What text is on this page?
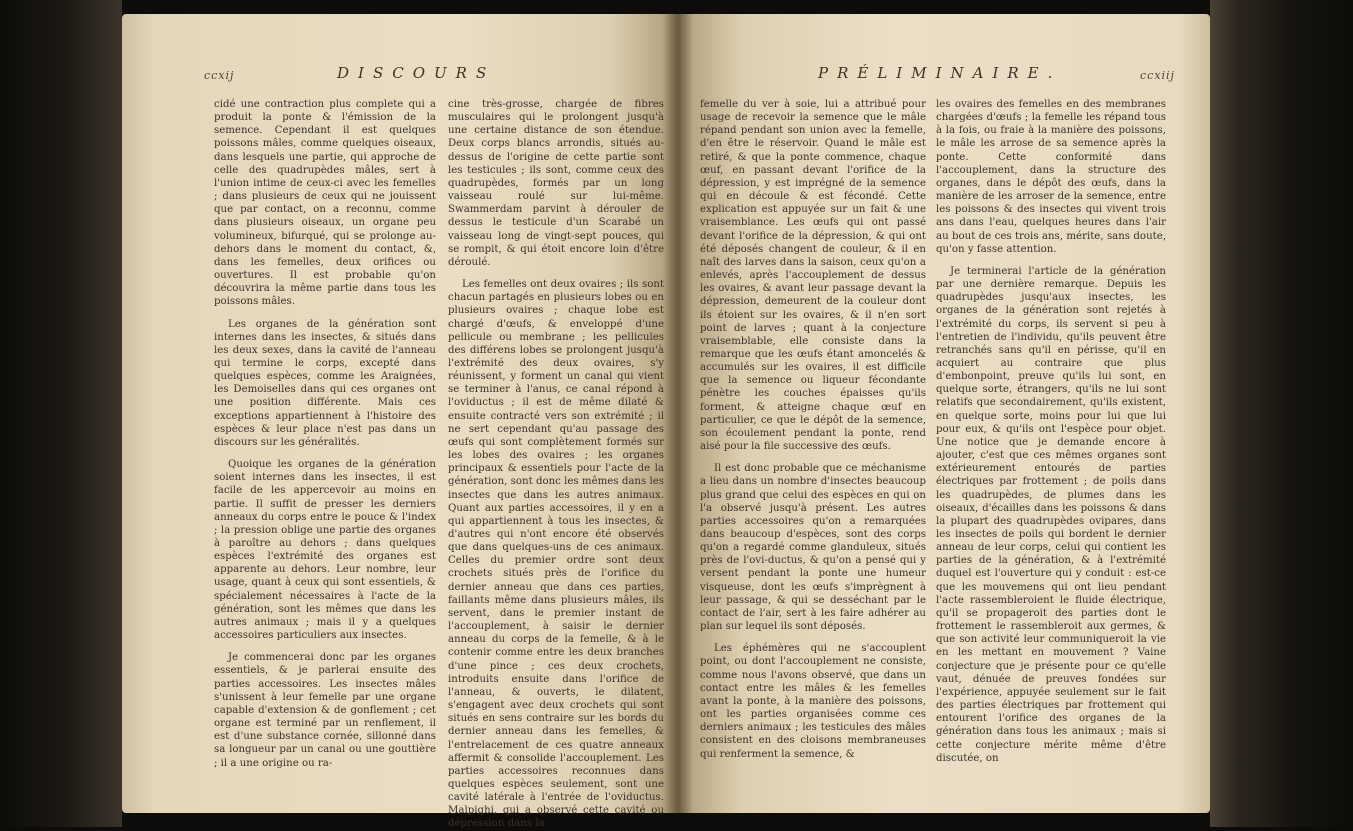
ccxij	DISCOURS

cidé une contraction plus complete qui a produit la ponte & l'émission de la semence. Cependant il est quelques poissons mâles, comme quelques oiseaux, dans lesquels une partie, qui approche de celle des quadrupèdes mâles, sert à l'union intime de ceux-ci avec les femelles ; dans plusieurs de ceux qui ne jouissent que par contact, on a reconnu, comme dans plusieurs oiseaux, un organe peu volumineux, bifurqué, qui se prolonge au-dehors dans le moment du contact, &, dans les femelles, deux orifices ou ouvertures. Il est probable qu'on découvrira la même partie dans tous les poissons mâles.

Les organes de la génération sont internes dans les insectes, & situés dans les deux sexes, dans la cavité de l'anneau qui termine le corps, excepté dans quelques espèces, comme les Araignées, les Demoiselles dans qui ces organes ont une position différente. Mais ces exceptions appartiennent à l'histoire des espèces & leur place n'est pas dans un discours sur les généralités.

Quoique les organes de la génération soient internes dans les insectes, il est facile de les appercevoir au moins en partie. Il suffit de presser les derniers anneaux du corps entre le pouce & l'index ; la pression oblige une partie des organes à paroître au dehors ; dans quelques espèces l'extrémité des organes est apparente au dehors. Leur nombre, leur usage, quant à ceux qui sont essentiels, & spécialement nécessaires à l'acte de la génération, sont les mêmes que dans les autres animaux ; mais il y a quelques accessoires particuliers aux insectes.

Je commencerai donc par les organes essentiels, & je parlerai ensuite des parties accessoires. Les insectes mâles s'unissent à leur femelle par une organe capable d'extension & de gonflement ; cet organe est terminé par un renflement, il est d'une substance cornée, sillonné dans sa longueur par un canal ou une gouttière ; il a une origine ou ra-

cine très-grosse, chargée de fibres musculaires qui le prolongent jusqu'à une certaine distance de son étendue. Deux corps blancs arrondis, situés au-dessus de l'origine de cette partie sont les testicules ; ils sont, comme ceux des quadrupèdes, formés par un long vaisseau roulé sur lui-même. Swammerdam parvint à dérouler de dessus le testicule d'un Scarabé un vaisseau long de vingt-sept pouces, qui se rompit, & qui étoit encore loin d'être déroulé.

Les femelles ont deux ovaires ; ils sont chacun partagés en plusieurs lobes ou en plusieurs ovaires ; chaque lobe est chargé d'œufs, & enveloppé d'une pellicule ou membrane ; les pellicules des différens lobes se prolongent jusqu'à l'extrémité des deux ovaires, s'y réunissent, y forment un canal qui vient se terminer à l'anus, ce canal répond à l'oviductus ; il est de même dilaté & ensuite contracté vers son extrémité ; il ne sert cependant qu'au passage des œufs qui sont complètement formés sur les lobes des ovaires ; les organes principaux & essentiels pour l'acte de la génération, sont donc les mêmes dans les insectes que dans les autres animaux. Quant aux parties accessoires, il y en a qui appartiennent à tous les insectes, & d'autres qui n'ont encore été observés que dans quelques-uns de ces animaux. Celles du premier ordre sont deux crochets situés près de l'orifice du dernier anneau que dans ces parties, faillants même dans plusieurs mâles, ils servent, dans le premier instant de l'accouplement, à saisir le dernier anneau du corps de la femelle, & à le contenir comme entre les deux branches d'une pince ; ces deux crochets, introduits ensuite dans l'orifice de l'anneau, & ouverts, le dilatent, s'engagent avec deux crochets qui sont situés en sens contraire sur les bords du dernier anneau dans les femelles, & l'entrelacement de ces quatre anneaux affermit & consolide l'accouplement. Les parties accessoires reconnues dans quelques espèces seulement, sont une cavité latérale à l'entrée de l'oviductus. Malpighi, qui a observé cette cavité ou dépression dans la

PRÉLIMINAIRE.	ccxiij

femelle du ver à soie, lui a attribué pour usage de recevoir la semence que le mâle répand pendant son union avec la femelle, d'en être le réservoir. Quand le mâle est retiré, & que la ponte commence, chaque œuf, en passant devant l'orifice de la dépression, y est imprégné de la semence qui en découle & est fécondé. Cette explication est appuyée sur un fait & une vraisemblance. Les œufs qui ont passé devant l'orifice de la dépression, & qui ont été déposés changent de couleur, & il en naît des larves dans la saison, ceux qu'on a enlevés, après l'accouplement de dessus les ovaires, & avant leur passage devant la dépression, demeurent de la couleur dont ils étoient sur les ovaires, & il n'en sort point de larves ; quant à la conjecture vraisemblable, elle consiste dans la remarque que les œufs étant amoncelés & accumulés sur les ovaires, il est difficile que la semence ou liqueur fécondante pénètre les couches épaisses qu'ils forment, & atteigne chaque œuf en particulier, ce que le dépôt de la semence, son écoulement pendant la ponte, rend aisé pour la file successive des œufs.

Il est donc probable que ce méchanisme a lieu dans un nombre d'insectes beaucoup plus grand que celui des espèces en qui on l'a observé jusqu'à présent. Les autres parties accessoires qu'on a remarquées dans beaucoup d'espèces, sont des corps qu'on a regardé comme glanduleux, situés près de l'ovi-ductus, & qu'on a pensé qui y versent pendant la ponte une humeur visqueuse, dont les œufs s'imprègnent à leur passage, & qui se desséchant par le contact de l'air, sert à les faire adhérer au plan sur lequel ils sont déposés.

Les éphémères qui ne s'accouplent point, ou dont l'accouplement ne consiste, comme nous l'avons observé, que dans un contact entre les mâles & les femelles avant la ponte, à la manière des poissons, ont les parties organisées comme ces derniers animaux ; les testicules des mâles consistent en des cloisons membraneuses qui renferment la semence, &

les ovaires des femelles en des membranes chargées d'œufs ; la femelle les répand tous à la fois, ou fraie à la manière des poissons, le mâle les arrose de sa semence après la ponte. Cette conformité dans l'accouplement, dans la structure des organes, dans le dépôt des œufs, dans la manière de les arroser de la semence, entre les poissons & des insectes qui vivent trois ans dans l'eau, quelques heures dans l'air au bout de ces trois ans, mérite, sans doute, qu'on y fasse attention.

Je terminerai l'article de la génération par une dernière remarque. Depuis les quadrupèdes jusqu'aux insectes, les organes de la génération sont rejetés à l'extrémité du corps, ils servent si peu à l'entretien de l'individu, qu'ils peuvent être retranchés sans qu'il en périsse, qu'il en acquiert au contraire que plus d'embonpoint, preuve qu'ils lui sont, en quelque sorte, étrangers, qu'ils ne lui sont relatifs que secondairement, qu'ils existent, en quelque sorte, moins pour lui que lui pour eux, & qu'ils ont l'espèce pour objet. Une notice que je demande encore à ajouter, c'est que ces mêmes organes sont extérieurement entourés de parties électriques par frottement ; de poils dans les quadrupèdes, de plumes dans les oiseaux, d'écailles dans les poissons & dans la plupart des quadrupèdes ovipares, dans les insectes de poils qui bordent le dernier anneau de leur corps, celui qui contient les parties de la génération, & à l'extrémité duquel est l'ouverture qui y conduit : est-ce que les mouvemens qui ont lieu pendant l'acte rassembleroient le fluide électrique, qu'il se propageroit des parties dont le frottement le rassembleroit aux germes, & que son activité leur communiqueroit la vie en les mettant en mouvement ? Vaine conjecture que je présente pour ce qu'elle vaut, dénuée de preuves fondées sur l'expérience, appuyée seulement sur le fait des parties électriques par frottement qui entourent l'orifice des organes de la génération dans tous les animaux ; mais si cette conjecture mérite même d'être discutée, on
